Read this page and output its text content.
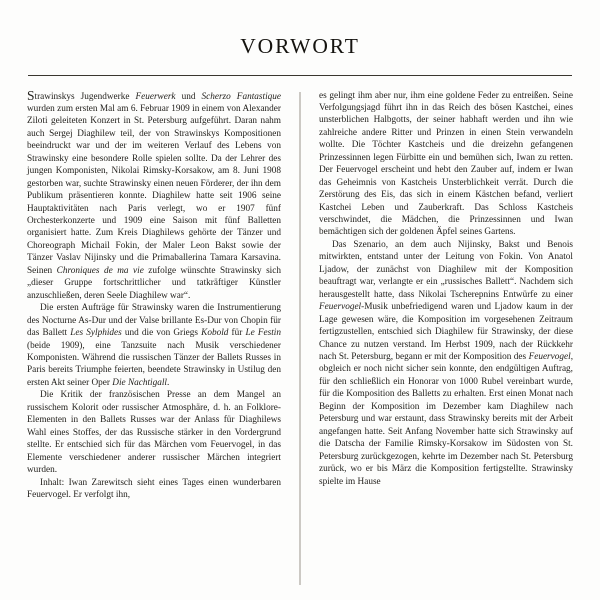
VORWORT

Strawinskys Jugendwerke Feuerwerk und Scherzo Fantastique wurden zum ersten Mal am 6. Februar 1909 in einem von Alexander Ziloti geleiteten Konzert in St. Petersburg aufgeführt. Daran nahm auch Sergej Diaghilew teil, der von Strawinskys Kompositionen beeindruckt war und der im weiteren Verlauf des Lebens von Strawinsky eine besondere Rolle spielen sollte. Da der Lehrer des jungen Komponisten, Nikolai Rimsky-Korsakow, am 8. Juni 1908 gestorben war, suchte Strawinsky einen neuen Förderer, der ihn dem Publikum präsentieren konnte. Diaghilew hatte seit 1906 seine Hauptaktivitäten nach Paris verlegt, wo er 1907 fünf Orchesterkonzerte und 1909 eine Saison mit fünf Balletten organisiert hatte. Zum Kreis Diaghilews gehörte der Tänzer und Choreograph Michail Fokin, der Maler Leon Bakst sowie der Tänzer Vaslav Nijinsky und die Primaballerina Tamara Karsavina. Seinen Chroniques de ma vie zufolge wünschte Strawinsky sich „dieser Gruppe fortschrittlicher und tatkräftiger Künstler anzuschließen, deren Seele Diaghilew war“.

Die ersten Aufträge für Strawinsky waren die Instrumentierung des Nocturne As-Dur und der Valse brillante Es-Dur von Chopin für das Ballett Les Sylphides und die von Griegs Kobold für Le Festin (beide 1909), eine Tanzsuite nach Musik verschiedener Komponisten. Während die russischen Tänzer der Ballets Russes in Paris bereits Triumphe feierten, beendete Strawinsky in Ustilug den ersten Akt seiner Oper Die Nachtigall.

Die Kritik der französischen Presse an dem Mangel an russischem Kolorit oder russischer Atmosphäre, d. h. an Folklore-Elementen in den Ballets Russes war der Anlass für Diaghilews Wahl eines Stoffes, der das Russische stärker in den Vordergrund stellte. Er entschied sich für das Märchen vom Feuervogel, in das Elemente verschiedener anderer russischer Märchen integriert wurden.

Inhalt: Iwan Zarewitsch sieht eines Tages einen wunderbaren Feuervogel. Er verfolgt ihn,

es gelingt ihm aber nur, ihm eine goldene Feder zu entreißen. Seine Verfolgungsjagd führt ihn in das Reich des bösen Kastchei, eines unsterblichen Halbgotts, der seiner habhaft werden und ihn wie zahlreiche andere Ritter und Prinzen in einen Stein verwandeln wollte. Die Töchter Kastcheis und die dreizehn gefangenen Prinzessinnen legen Fürbitte ein und bemühen sich, Iwan zu retten. Der Feuervogel erscheint und hebt den Zauber auf, indem er Iwan das Geheimnis von Kastcheis Unsterblichkeit verrät. Durch die Zerstörung des Eis, das sich in einem Kästchen befand, verliert Kastchei Leben und Zauberkraft. Das Schloss Kastcheis verschwindet, die Mädchen, die Prinzessinnen und Iwan bemächtigen sich der goldenen Äpfel seines Gartens.

Das Szenario, an dem auch Nijinsky, Bakst und Benois mitwirkten, entstand unter der Leitung von Fokin. Von Anatol Ljadow, der zunächst von Diaghilew mit der Komposition beauftragt war, verlangte er ein „russisches Ballett“. Nachdem sich herausgestellt hatte, dass Nikolai Tscherepnins Entwürfe zu einer Feuervogel-Musik unbefriedigend waren und Ljadow kaum in der Lage gewesen wäre, die Komposition im vorgesehenen Zeitraum fertigzustellen, entschied sich Diaghilew für Strawinsky, der diese Chance zu nutzen verstand. Im Herbst 1909, nach der Rückkehr nach St. Petersburg, begann er mit der Komposition des Feuervogel, obgleich er noch nicht sicher sein konnte, den endgültigen Auftrag, für den schließlich ein Honorar von 1000 Rubel vereinbart wurde, für die Komposition des Balletts zu erhalten. Erst einen Monat nach Beginn der Komposition im Dezember kam Diaghilew nach Petersburg und war erstaunt, dass Strawinsky bereits mit der Arbeit angefangen hatte. Seit Anfang November hatte sich Strawinsky auf die Datscha der Familie Rimsky-Korsakow im Südosten von St. Petersburg zurückgezogen, kehrte im Dezember nach St. Petersburg zurück, wo er bis März die Komposition fertigstellte. Strawinsky spielte im Hause
